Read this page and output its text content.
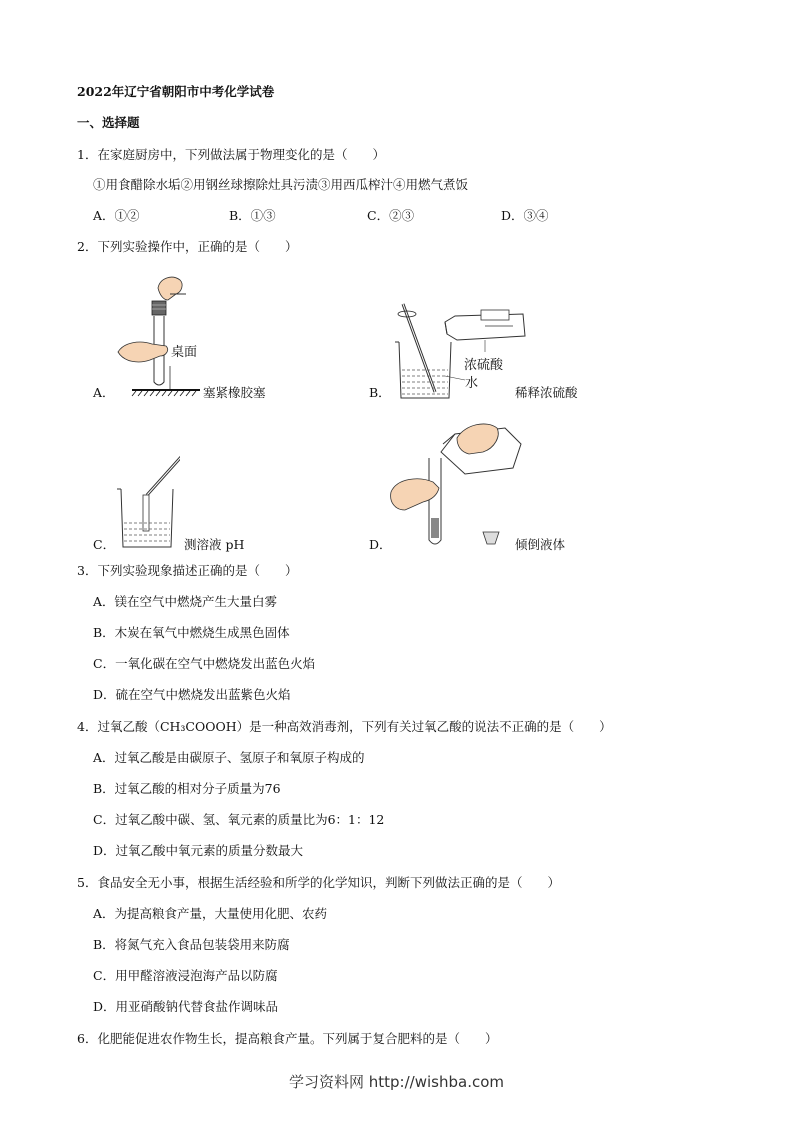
2022年辽宁省朝阳市中考化学试卷
一、选择题
1．在家庭厨房中，下列做法属于物理变化的是（　　）
①用食醋除水垢②用钢丝球擦除灶具污渍③用西瓜榨汁④用燃气煮饭
A．①②	B．①③	C．②③	D．③④
2．下列实验操作中，正确的是（　　）
桌面
A．	塞紧橡胶塞
浓硫酸
水
B．	稀释浓硫酸
C．	测溶液 pH	D．	倾倒液体
3．下列实验现象描述正确的是（　　）
A．镁在空气中燃烧产生大量白雾
B．木炭在氧气中燃烧生成黑色固体
C．一氧化碳在空气中燃烧发出蓝色火焰
D．硫在空气中燃烧发出蓝紫色火焰
4．过氧乙酸（CH₃COOOH）是一种高效消毒剂，下列有关过氧乙酸的说法不正确的是（　　）
A．过氧乙酸是由碳原子、氢原子和氧原子构成的
B．过氧乙酸的相对分子质量为76
C．过氧乙酸中碳、氢、氧元素的质量比为6：1：12
D．过氧乙酸中氧元素的质量分数最大
5．食品安全无小事，根据生活经验和所学的化学知识，判断下列做法正确的是（　　）
A．为提高粮食产量，大量使用化肥、农药
B．将氮气充入食品包装袋用来防腐
C．用甲醛溶液浸泡海产品以防腐
D．用亚硝酸钠代替食盐作调味品
6．化肥能促进农作物生长，提高粮食产量。下列属于复合肥料的是（　　）
学习资料网 http://wishba.com
